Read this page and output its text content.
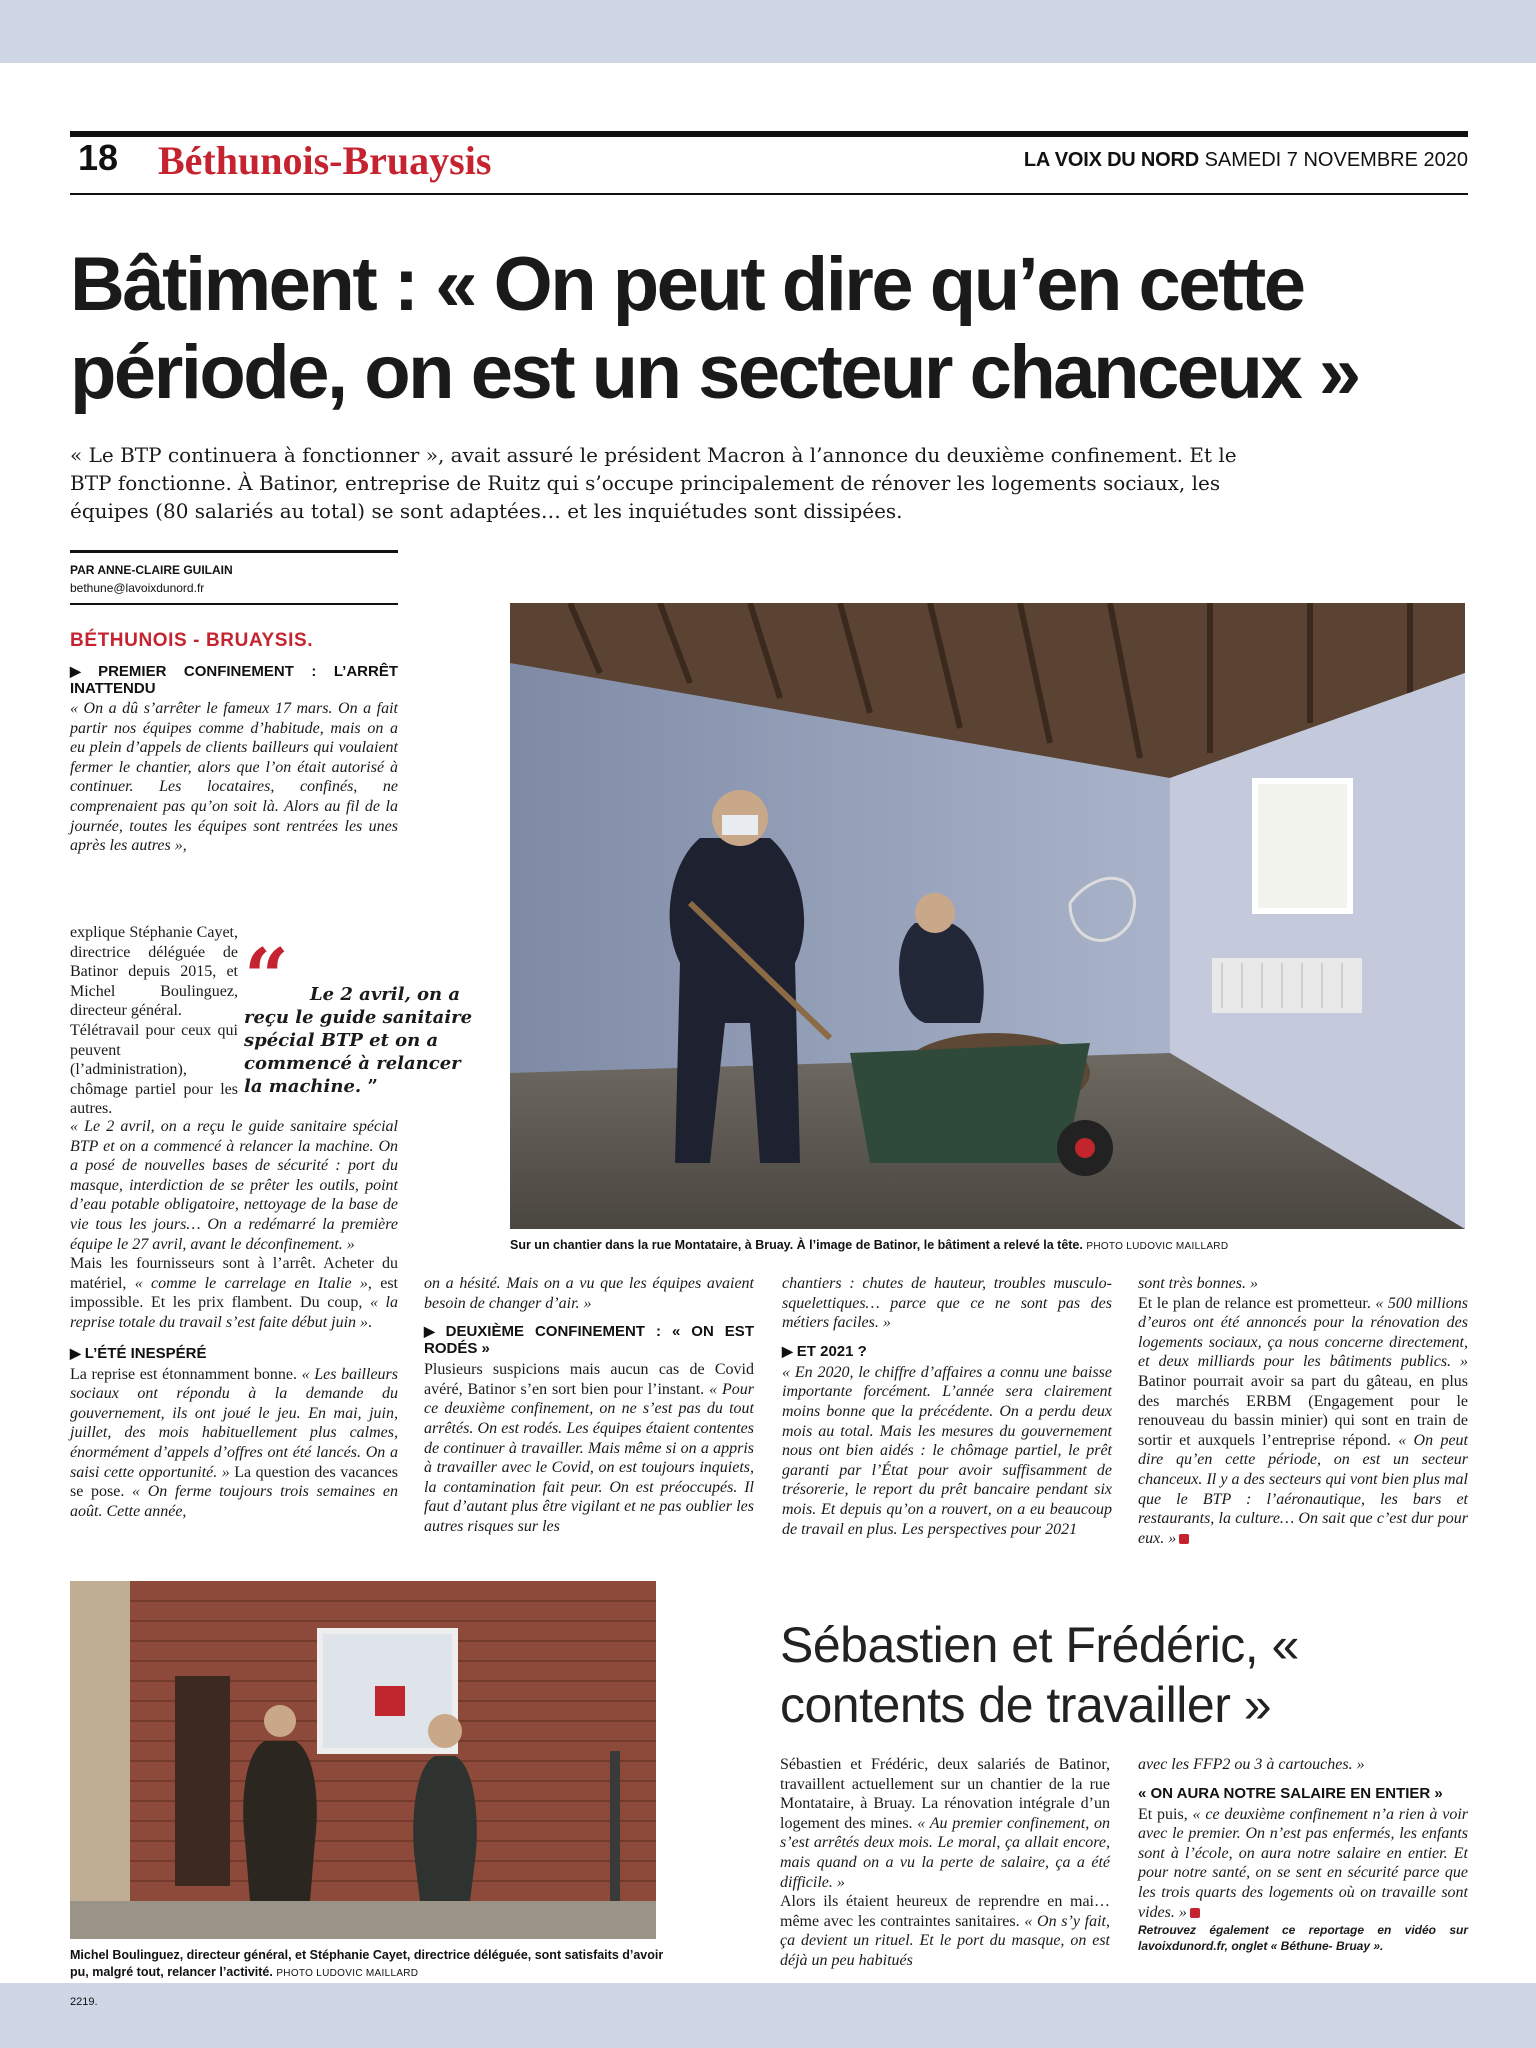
18 Béthunois-Bruaysis	LA VOIX DU NORD SAMEDI 7 NOVEMBRE 2020
Bâtiment : « On peut dire qu’en cette période, on est un secteur chanceux »
« Le BTP continuera à fonctionner », avait assuré le président Macron à l’annonce du deuxième confinement. Et le BTP fonctionne. À Batinor, entreprise de Ruitz qui s’occupe principalement de rénover les logements sociaux, les équipes (80 salariés au total) se sont adaptées… et les inquiétudes sont dissipées.
PAR ANNE-CLAIRE GUILAIN
bethune@lavoixdunord.fr
BÉTHUNOIS - BRUAYSIS.
▶ PREMIER CONFINEMENT : L’ARRÊT INATTENDU

« On a dû s’arrêter le fameux 17 mars. On a fait partir nos équipes comme d’habitude, mais on a eu plein d’appels de clients bailleurs qui voulaient fermer le chantier, alors que l’on était autorisé à continuer. Les locataires, confinés, ne comprenaient pas qu’on soit là. Alors au fil de la journée, toutes les équipes sont rentrées les unes après les autres »,

explique Stéphanie Cayet, directrice déléguée de Batinor depuis 2015, et Michel Boulinguez, directeur général.

Télétravail pour ceux qui peuvent (l’administration), chômage partiel pour les autres.

« Le 2 avril, on a reçu le guide sanitaire spécial BTP et on a commencé à relancer la machine. On a posé de nouvelles bases de sécurité : port du masque, interdiction de se prêter les outils, point d’eau potable obligatoire, nettoyage de la base de vie tous les jours… On a redémarré la première équipe le 27 avril, avant le déconfinement. »

Mais les fournisseurs sont à l’arrêt. Acheter du matériel, « comme le carrelage en Italie », est impossible. Et les prix flambent. Du coup, « la reprise totale du travail s’est faite début juin ».

▶ L’ÉTÉ INESPÉRÉ

La reprise est étonnamment bonne. « Les bailleurs sociaux ont répondu à la demande du gouvernement, ils ont joué le jeu. En mai, juin, juillet, des mois habituellement plus calmes, énormément d’appels d’offres ont été lancés. On a saisi cette opportunité. » La question des vacances se pose. « On ferme toujours trois semaines en août. Cette année,

“	Le 2 avril, on a reçu le guide sanitaire spécial BTP et on a commencé à relancer la machine. ”
Sur un chantier dans la rue Montataire, à Bruay. À l’image de Batinor, le bâtiment a relevé la tête. PHOTO LUDOVIC MAILLARD

on a hésité. Mais on a vu que les équipes avaient besoin de changer d’air. »

▶ DEUXIÈME CONFINEMENT : « ON EST RODÉS »

Plusieurs suspicions mais aucun cas de Covid avéré, Batinor s’en sort bien pour l’instant. « Pour ce deuxième confinement, on ne s’est pas du tout arrêtés. On est rodés. Les équipes étaient contentes de continuer à travailler. Mais même si on a appris à travailler avec le Covid, on est toujours inquiets, la contamination fait peur. On est préoccupés. Il faut d’autant plus être vigilant et ne pas oublier les autres risques sur les

chantiers : chutes de hauteur, troubles musculo-squelettiques… parce que ce ne sont pas des métiers faciles. »

▶ ET 2021 ?

« En 2020, le chiffre d’affaires a connu une baisse importante forcément. L’année sera clairement moins bonne que la précédente. On a perdu deux mois au total. Mais les mesures du gouvernement nous ont bien aidés : le chômage partiel, le prêt garanti par l’État pour avoir suffisamment de trésorerie, le report du prêt bancaire pendant six mois. Et depuis qu’on a rouvert, on a eu beaucoup de travail en plus. Les perspectives pour 2021

sont très bonnes. »

Et le plan de relance est prometteur. « 500 millions d’euros ont été annoncés pour la rénovation des logements sociaux, ça nous concerne directement, et deux milliards pour les bâtiments publics. » Batinor pourrait avoir sa part du gâteau, en plus des marchés ERBM (Engagement pour le renouveau du bassin minier) qui sont en train de sortir et auxquels l’entreprise répond. « On peut dire qu’en cette période, on est un secteur chanceux. Il y a des secteurs qui vont bien plus mal que le BTP : l’aéronautique, les bars et restaurants, la culture… On sait que c’est dur pour eux. »

Michel Boulinguez, directeur général, et Stéphanie Cayet, directrice déléguée, sont satisfaits d’avoir pu, malgré tout, relancer l’activité. PHOTO LUDOVIC MAILLARD
Sébastien et Frédéric, « contents de travailler »

Sébastien et Frédéric, deux salariés de Batinor, travaillent actuellement sur un chantier de la rue Montataire, à Bruay. La rénovation intégrale d’un logement des mines. « Au premier confinement, on s’est arrêtés deux mois. Le moral, ça allait encore, mais quand on a vu la perte de salaire, ça a été difficile. »

Alors ils étaient heureux de reprendre en mai… même avec les contraintes sanitaires. « On s’y fait, ça devient un rituel. Et le port du masque, on est déjà un peu habitués

avec les FFP2 ou 3 à cartouches. »

« ON AURA NOTRE SALAIRE EN ENTIER »

Et puis, « ce deuxième confinement n’a rien à voir avec le premier. On n’est pas enfermés, les enfants sont à l’école, on aura notre salaire en entier. Et pour notre santé, on se sent en sécurité parce que les trois quarts des logements où on travaille sont vides. »

Retrouvez également ce reportage en vidéo sur lavoixdunord.fr, onglet « Béthune- Bruay ».

2219.
